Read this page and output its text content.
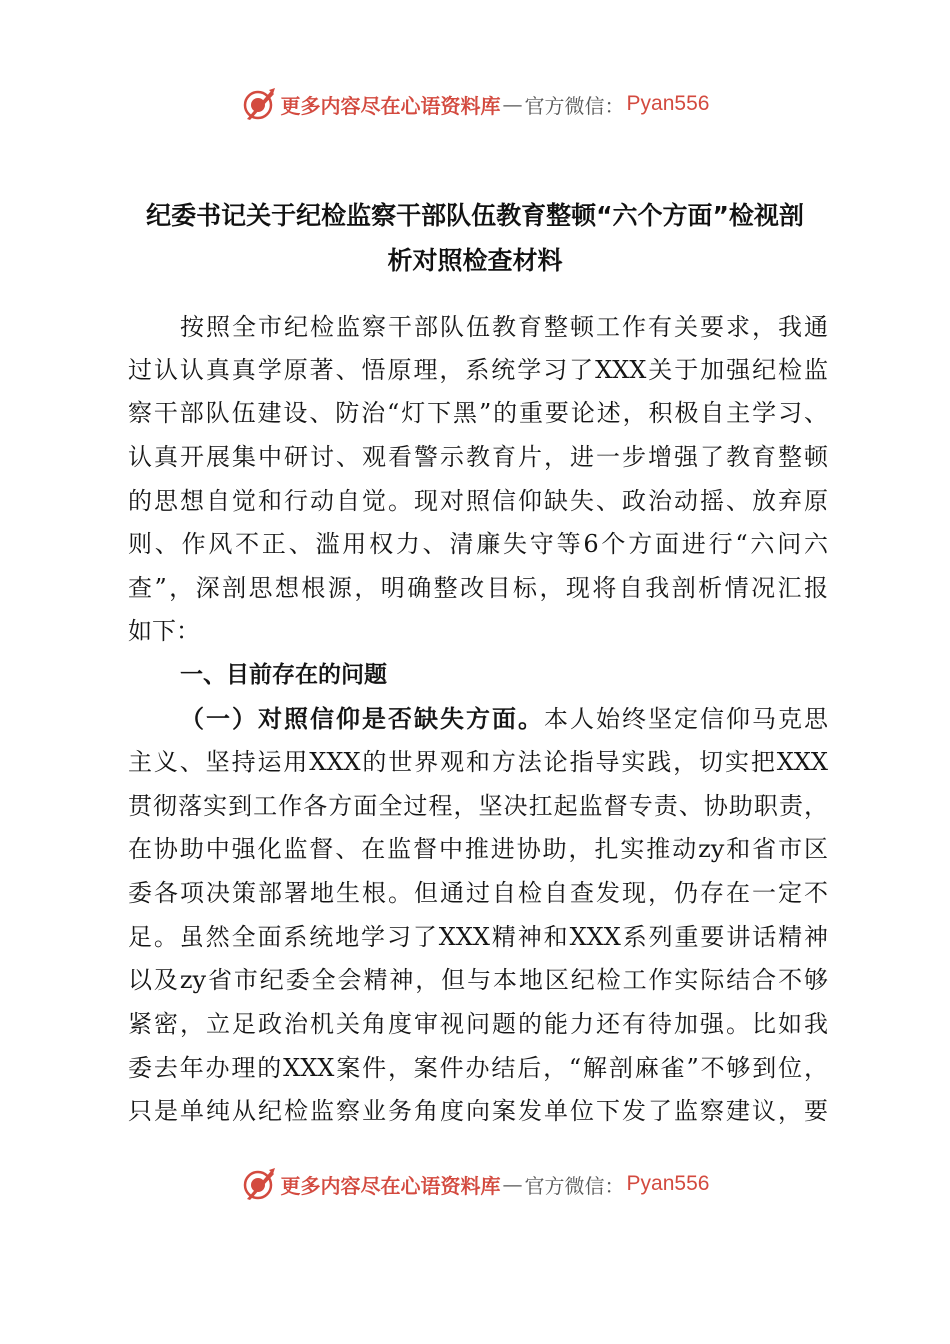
更多内容尽在心语资料库 — 官方微信： Pyan556
纪委书记关于纪检监察干部队伍教育整顿“六个方面”检视剖
析对照检查材料
按照全市纪检监察干部队伍教育整顿工作有关要求，我通
过认认真真学原著、悟原理，系统学习了XXX关于加强纪检监
察干部队伍建设、防治“灯下黑”的重要论述，积极自主学习、
认真开展集中研讨、观看警示教育片，进一步增强了教育整顿
的思想自觉和行动自觉。现对照信仰缺失、政治动摇、放弃原
则、作风不正、滥用权力、清廉失守等6个方面进行“六问六
查”，深剖思想根源，明确整改目标，现将自我剖析情况汇报
如下：
一、目前存在的问题
（一）对照信仰是否缺失方面。本人始终坚定信仰马克思
主义、坚持运用XXX的世界观和方法论指导实践，切实把XXX
贯彻落实到工作各方面全过程，坚决扛起监督专责、协助职责，
在协助中强化监督、在监督中推进协助，扎实推动zy和省市区
委各项决策部署地生根。但通过自检自查发现，仍存在一定不
足。虽然全面系统地学习了XXX精神和XXX系列重要讲话精神
以及zy省市纪委全会精神，但与本地区纪检工作实际结合不够
紧密，立足政治机关角度审视问题的能力还有待加强。比如我
委去年办理的XXX案件，案件办结后，“解剖麻雀”不够到位，
只是单纯从纪检监察业务角度向案发单位下发了监察建议，要
更多内容尽在心语资料库 — 官方微信： Pyan556
